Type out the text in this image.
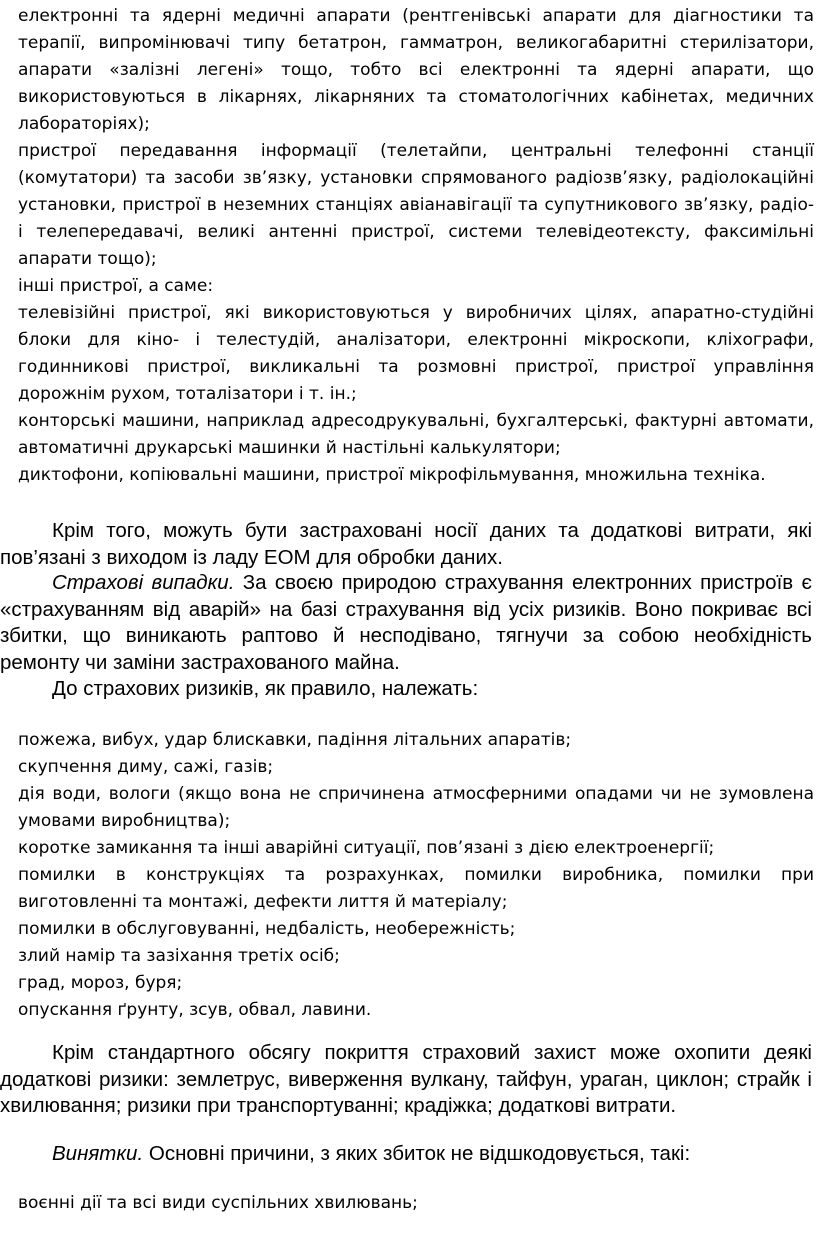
електронні та ядерні медичні апарати (рентгенівські апарати для діагностики та терапії, випромінювачі типу бетатрон, гамматрон, великогабаритні стерилізатори, апарати «залізні легені» тощо, тобто всі електронні та ядерні апарати, що використовуються в лікарнях, лікарняних та стоматологічних кабінетах, медичних лабораторіях);

пристрої передавання інформації (телетайпи, центральні телефонні станції (комутатори) та засоби зв’язку, установки спрямованого радіозв’язку, радіолокаційні установки, пристрої в неземних станціях авіанавігації та супутникового зв’язку, радіо- і телепередавачі, великі антенні пристрої, системи телевідеотексту, факсимільні апарати тощо);

інші пристрої, а саме:

телевізійні пристрої, які використовуються у виробничих цілях, апаратно-студійні блоки для кіно- і телестудій, аналізатори, електронні мікроскопи, кліхографи, годинникові пристрої, викликальні та розмовні пристрої, пристрої управління дорожнім рухом, тоталізатори і т. ін.;

конторські машини, наприклад адресодрукувальні, бухгалтерські, фактурні автомати, автоматичні друкарські машинки й настільні калькулятори;

диктофони, копіювальні машини, пристрої мікрофільмування, множильна техніка.

Крім того, можуть бути застраховані носії даних та додаткові витрати, які пов’язані з виходом із ладу ЕОМ для обробки даних.

Страхові випадки. За своєю природою страхування електронних пристроїв є «страхуванням від аварій» на базі страхування від усіх ризиків. Воно покриває всі збитки, що виникають раптово й несподівано, тягнучи за собою необхідність ремонту чи заміни застрахованого майна.

До страхових ризиків, як правило, належать:

пожежа, вибух, удар блискавки, падіння літальних апаратів;

скупчення диму, сажі, газів;

дія води, вологи (якщо вона не спричинена атмосферними опадами чи не зумовлена умовами виробництва);

коротке замикання та інші аварійні ситуації, пов’язані з дією електроенергії;

помилки в конструкціях та розрахунках, помилки виробника, помилки при виготовленні та монтажі, дефекти лиття й матеріалу;

помилки в обслуговуванні, недбалість, необережність;

злий намір та зазіхання третіх осіб;

град, мороз, буря;

опускання ґрунту, зсув, обвал, лавини.

Крім стандартного обсягу покриття страховий захист може охопити деякі додаткові ризики: землетрус, виверження вулкану, тайфун, ураган, циклон; страйк і хвилювання; ризики при транспортуванні; крадіжка; додаткові витрати.

Винятки. Основні причини, з яких збиток не відшкодовується, такі:

воєнні дії та всі види суспільних хвилювань;
